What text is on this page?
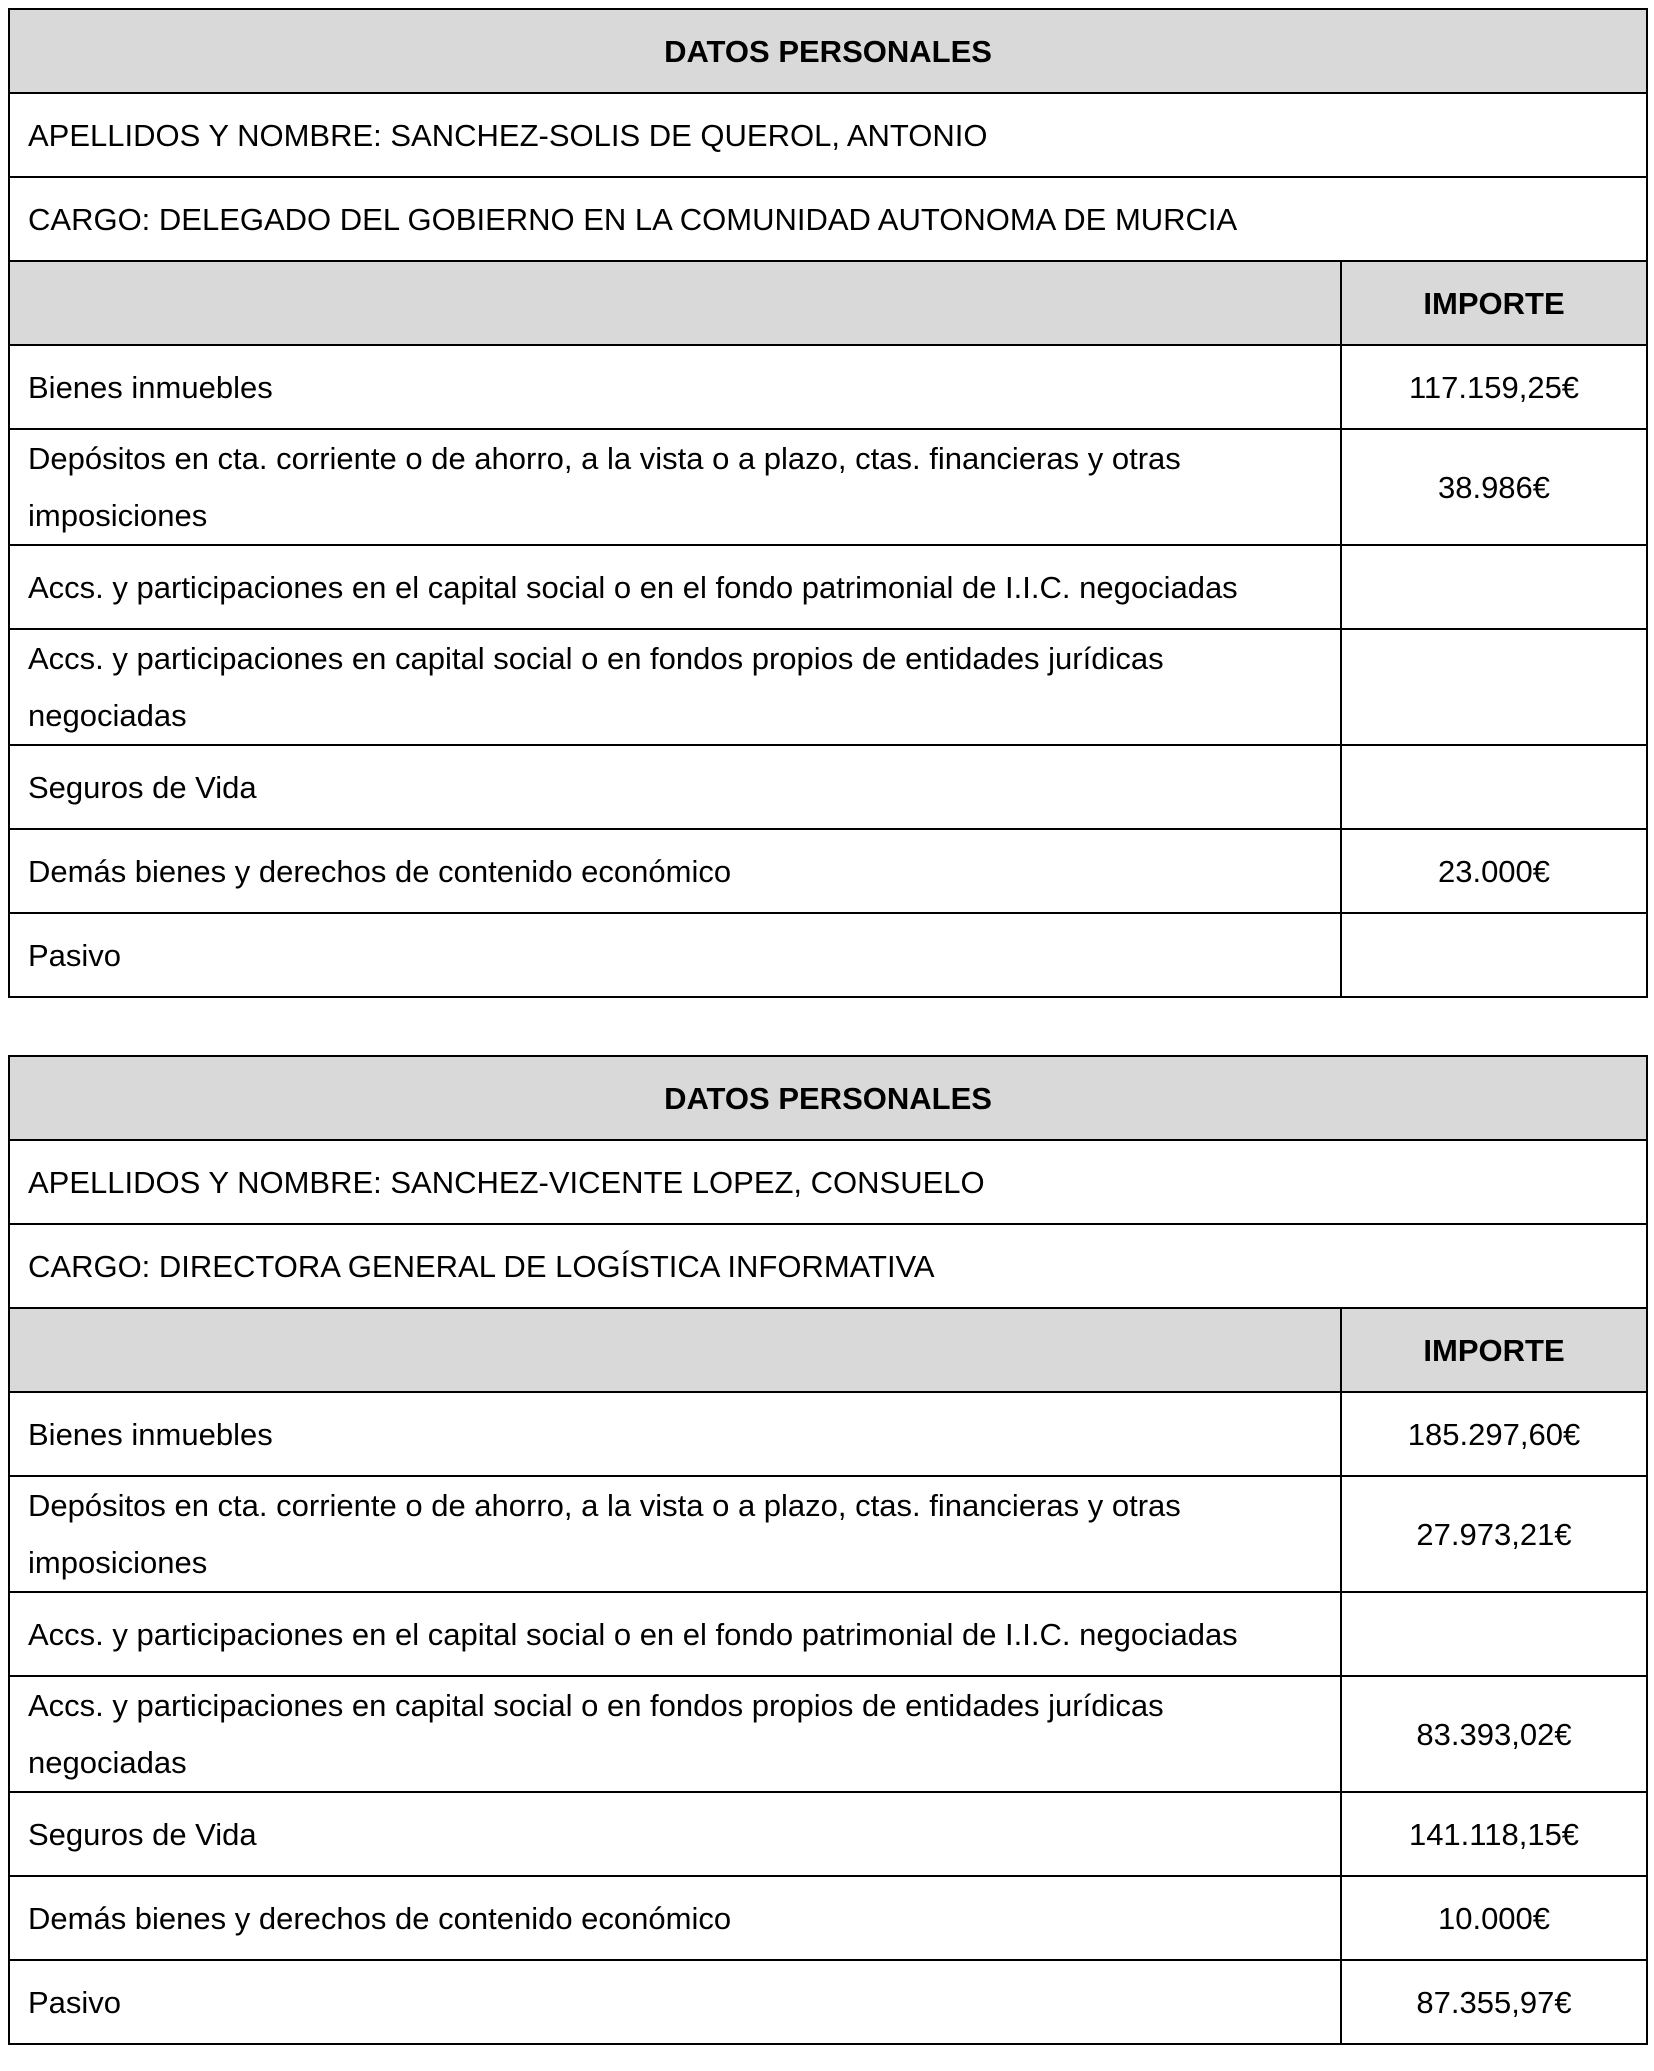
DATOS PERSONALES	
APELLIDOS Y NOMBRE: SANCHEZ-SOLIS DE QUEROL, ANTONIO	
CARGO: DELEGADO DEL GOBIERNO EN LA COMUNIDAD AUTONOMA DE MURCIA	
	IMPORTE
Bienes inmuebles	117.159,25€
Depósitos en cta. corriente o de ahorro, a la vista o a plazo, ctas. financieras y otras imposiciones	38.986€
Accs. y participaciones en el capital social o en el fondo patrimonial de I.I.C. negociadas	
Accs. y participaciones en capital social o en fondos propios de entidades jurídicas negociadas	
Seguros de Vida	
Demás bienes y derechos de contenido económico	23.000€
Pasivo	
DATOS PERSONALES	
APELLIDOS Y NOMBRE: SANCHEZ-VICENTE LOPEZ, CONSUELO	
CARGO: DIRECTORA GENERAL DE LOGÍSTICA INFORMATIVA	
	IMPORTE
Bienes inmuebles	185.297,60€
Depósitos en cta. corriente o de ahorro, a la vista o a plazo, ctas. financieras y otras imposiciones	27.973,21€
Accs. y participaciones en el capital social o en el fondo patrimonial de I.I.C. negociadas	
Accs. y participaciones en capital social o en fondos propios de entidades jurídicas negociadas	83.393,02€
Seguros de Vida	141.118,15€
Demás bienes y derechos de contenido económico	10.000€
Pasivo	87.355,97€
